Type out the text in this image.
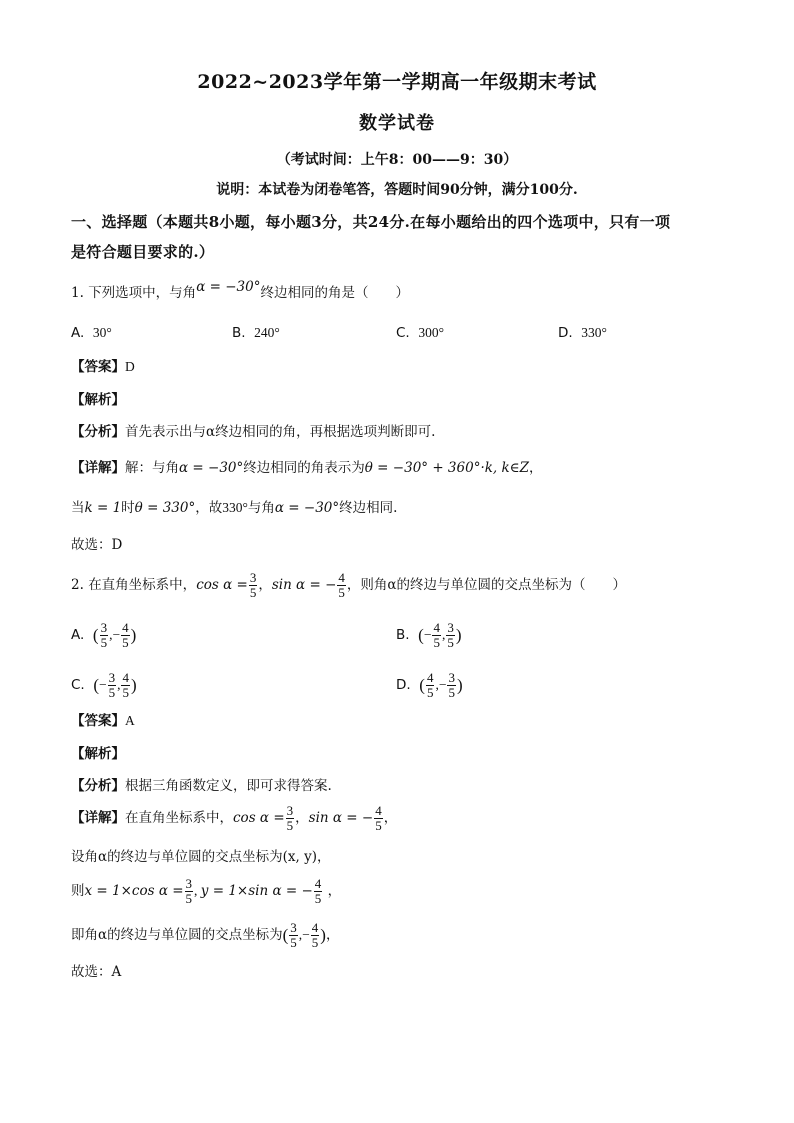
2022~2023学年第一学期高一年级期末考试
数学试卷
（考试时间：上午8：00——9：30）
说明：本试卷为闭卷笔答，答题时间90分钟，满分100分.
一、选择题（本题共8小题，每小题3分，共24分.在每小题给出的四个选项中，只有一项
是符合题目要求的.）
1. 下列选项中，与角α = −30°终边相同的角是（　　）
A. 30°	B. 240°	C. 300°	D. 330°
【答案】D
【解析】
【分析】首先表示出与α终边相同的角，再根据选项判断即可.
【详解】解：与角α = −30°终边相同的角表示为θ = −30° + 360°·k, k∈Z，
当k = 1时θ = 330°，故330°与角α = −30°终边相同.
故选：D
2. 在直角坐标系中，$\cos \alpha = \frac{3}{5}$ ，sin α = − $\frac{4}{5}$ ，则角α的终边与单位圆的交点坐标为（　　）
A. ( $\frac{3}{5}$ ,− $\frac{4}{5}$ )	B. (− $\frac{4}{5}$ , $\frac{3}{5}$ )
C. (− $\frac{3}{5}$ , $\frac{4}{5}$ )	D. ( $\frac{4}{5}$ ,− $\frac{3}{5}$ )
【答案】A
【解析】
【分析】根据三角函数定义，即可求得答案.
【详解】在直角坐标系中，$\cos \alpha = \frac{3}{5}$ ，sin α = − $\frac{4}{5}$ ，
设角α的终边与单位圆的交点坐标为(x, y)，
则x = 1×cos $\alpha = \frac{3}{5}$ , y = 1×sin α = − $\frac{4}{5}$ ，
即角α的终边与单位圆的交点坐标为( $\frac{3}{5}$ ,− $\frac{4}{5}$ )，
故选：A
